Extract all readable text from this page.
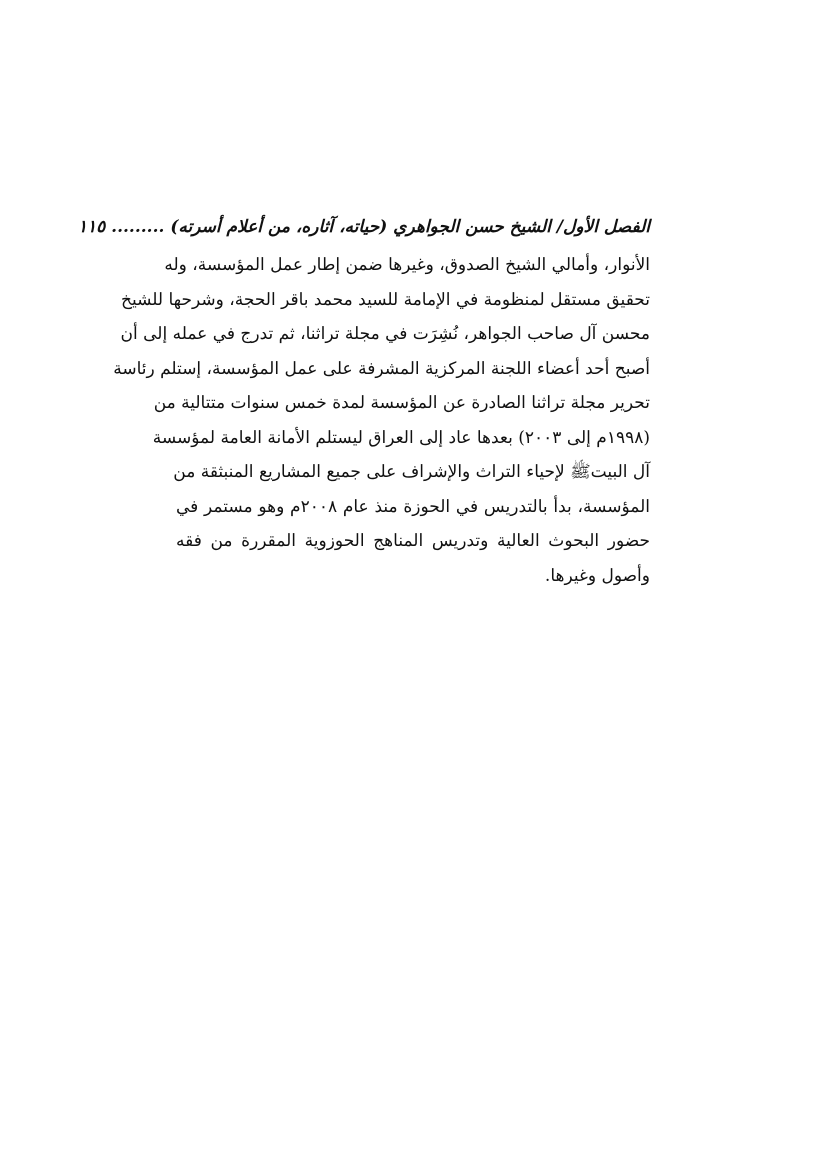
الفصل الأول/ الشيخ حسن الجواهري (حياته، آثاره، من أعلام أسرته) ......... ١١٥
الأنوار، وأمالي الشيخ الصدوق، وغيرها ضمن إطار عمل المؤسسة، وله
تحقيق مستقل لمنظومة في الإمامة للسيد محمد باقر الحجة، وشرحها للشيخ
محسن آل صاحب الجواهر، نُشِرَت في مجلة تراثنا، ثم تدرج في عمله إلى أن
أصبح أحد أعضاء اللجنة المركزية المشرفة على عمل المؤسسة، إستلم رئاسة
تحرير مجلة تراثنا الصادرة عن المؤسسة لمدة خمس سنوات متتالية من
(١٩٩٨م إلى ٢٠٠٣) بعدها عاد إلى العراق ليستلم الأمانة العامة لمؤسسة
آل البيتﷺ لإحياء التراث والإشراف على جميع المشاريع المنبثقة من
المؤسسة، بدأ بالتدريس في الحوزة منذ عام ٢٠٠٨م وهو مستمر في
حضور البحوث العالية وتدريس المناهج الحوزوية المقررة من فقه
وأصول وغيرها.
